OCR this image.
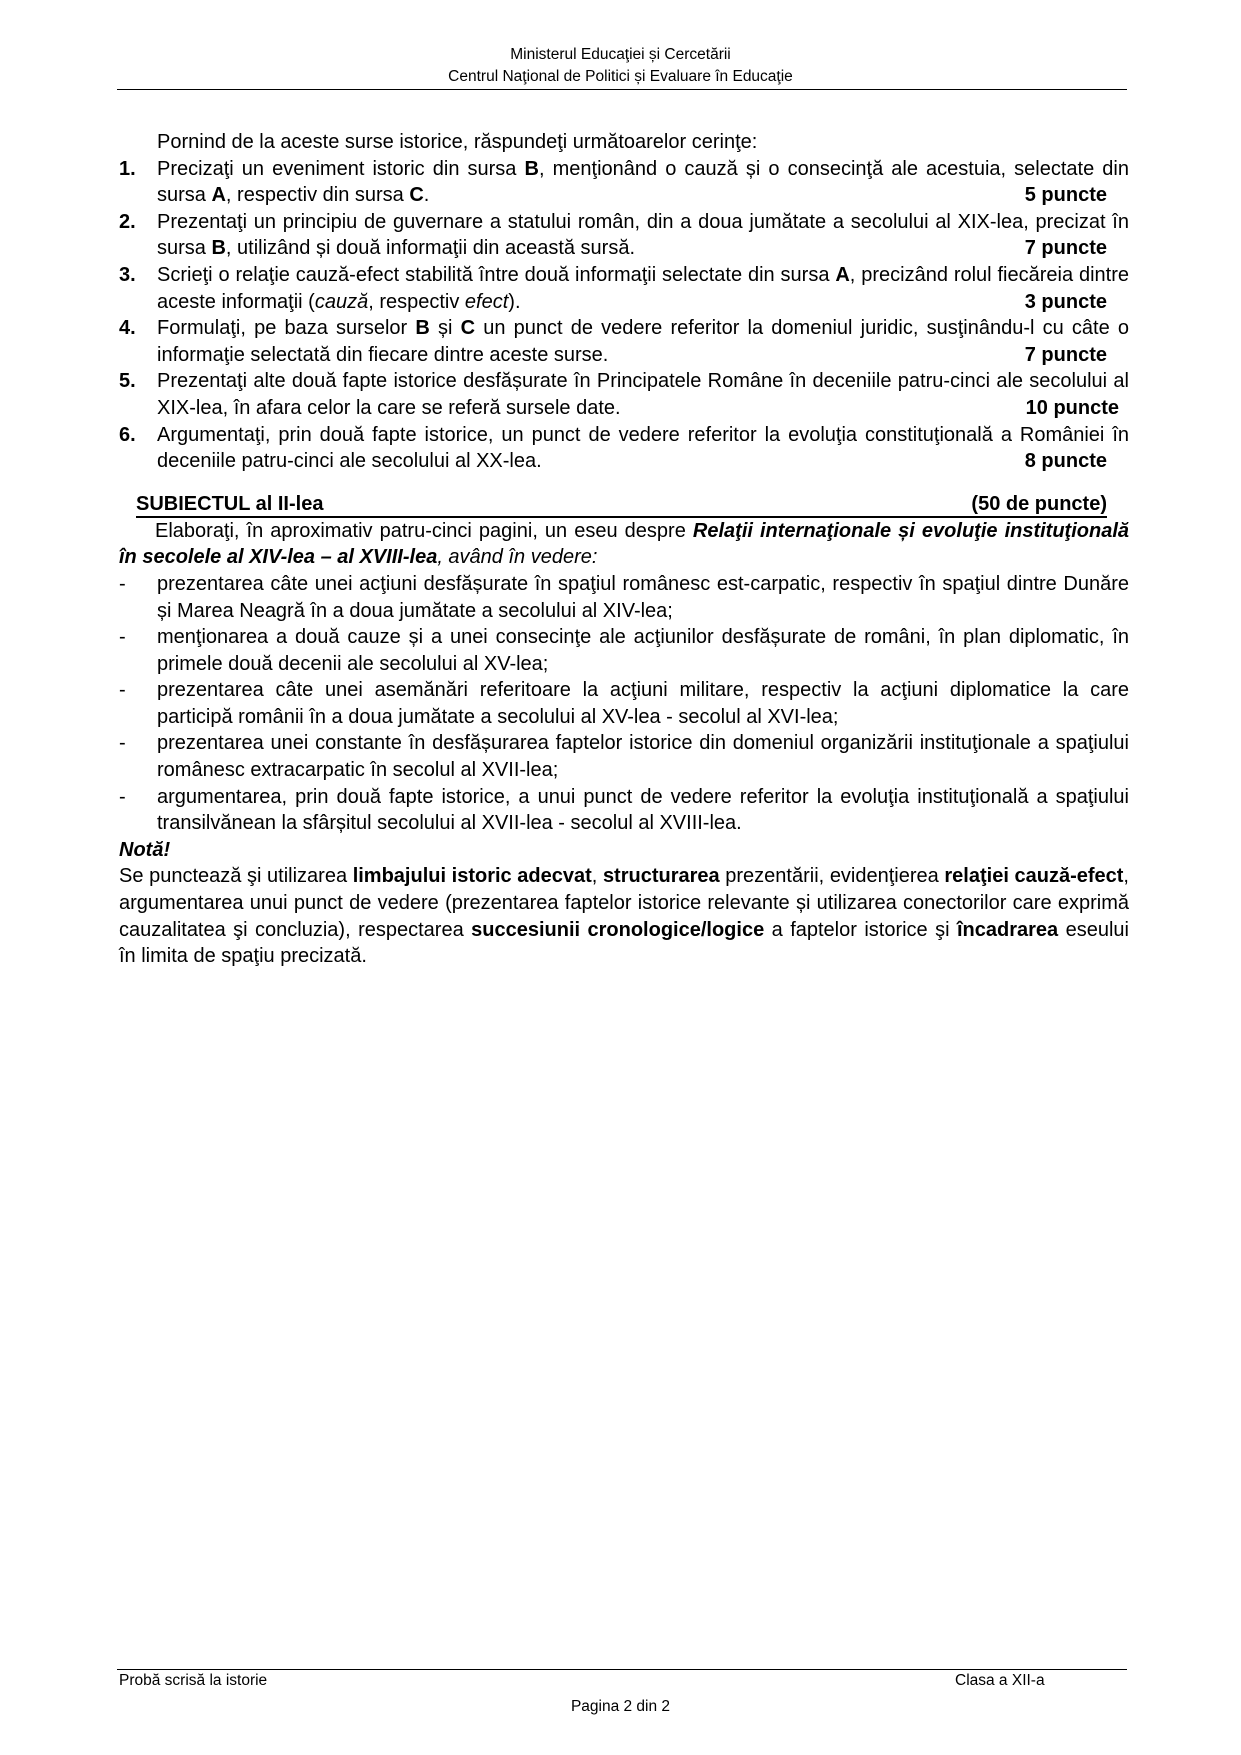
Ministerul Educaţiei și Cercetării
Centrul Naţional de Politici și Evaluare în Educaţie
Pornind de la aceste surse istorice, răspundeţi următoarelor cerinţe:
1.	Precizaţi un eveniment istoric din sursa B, menţionând o cauză și o consecinţă ale acestuia, selectate din sursa A, respectiv din sursa C.	5 puncte
2.	Prezentaţi un principiu de guvernare a statului român, din a doua jumătate a secolului al XIX-lea, precizat în sursa B, utilizând și două informaţii din această sursă.	7 puncte
3.	Scrieţi o relaţie cauză-efect stabilită între două informaţii selectate din sursa A, precizând rolul fiecăreia dintre aceste informaţii (cauză, respectiv efect).	3 puncte
4.	Formulaţi, pe baza surselor B și C un punct de vedere referitor la domeniul juridic, susţinându-l cu câte o informaţie selectată din fiecare dintre aceste surse.	7 puncte
5.	Prezentaţi alte două fapte istorice desfășurate în Principatele Române în deceniile patru-cinci ale secolului al XIX-lea, în afara celor la care se referă sursele date.	10 puncte
6.	Argumentaţi, prin două fapte istorice, un punct de vedere referitor la evoluţia constituţională a României în deceniile patru-cinci ale secolului al XX-lea.	8 puncte
SUBIECTUL al II-lea	(50 de puncte)
Elaboraţi, în aproximativ patru-cinci pagini, un eseu despre Relaţii internaţionale și evoluţie instituţională în secolele al XIV-lea – al XVIII-lea, având în vedere:
-	prezentarea câte unei acţiuni desfășurate în spaţiul românesc est-carpatic, respectiv în spaţiul dintre Dunăre și Marea Neagră în a doua jumătate a secolului al XIV-lea;
-	menţionarea a două cauze și a unei consecinţe ale acţiunilor desfășurate de români, în plan diplomatic, în primele două decenii ale secolului al XV-lea;
-	prezentarea câte unei asemănări referitoare la acţiuni militare, respectiv la acţiuni diplomatice la care participă românii în a doua jumătate a secolului al XV-lea - secolul al XVI-lea;
-	prezentarea unei constante în desfășurarea faptelor istorice din domeniul organizării instituţionale a spaţiului românesc extracarpatic în secolul al XVII-lea;
-	argumentarea, prin două fapte istorice, a unui punct de vedere referitor la evoluţia instituţională a spaţiului transilvănean la sfârșitul secolului al XVII-lea - secolul al XVIII-lea.
Notă!
Se punctează şi utilizarea limbajului istoric adecvat, structurarea prezentării, evidenţierea relaţiei cauză-efect, argumentarea unui punct de vedere (prezentarea faptelor istorice relevante și utilizarea conectorilor care exprimă cauzalitatea şi concluzia), respectarea succesiunii cronologice/logice a faptelor istorice şi încadrarea eseului în limita de spaţiu precizată.
Probă scrisă la istorie	Clasa a XII-a
Pagina 2 din 2
